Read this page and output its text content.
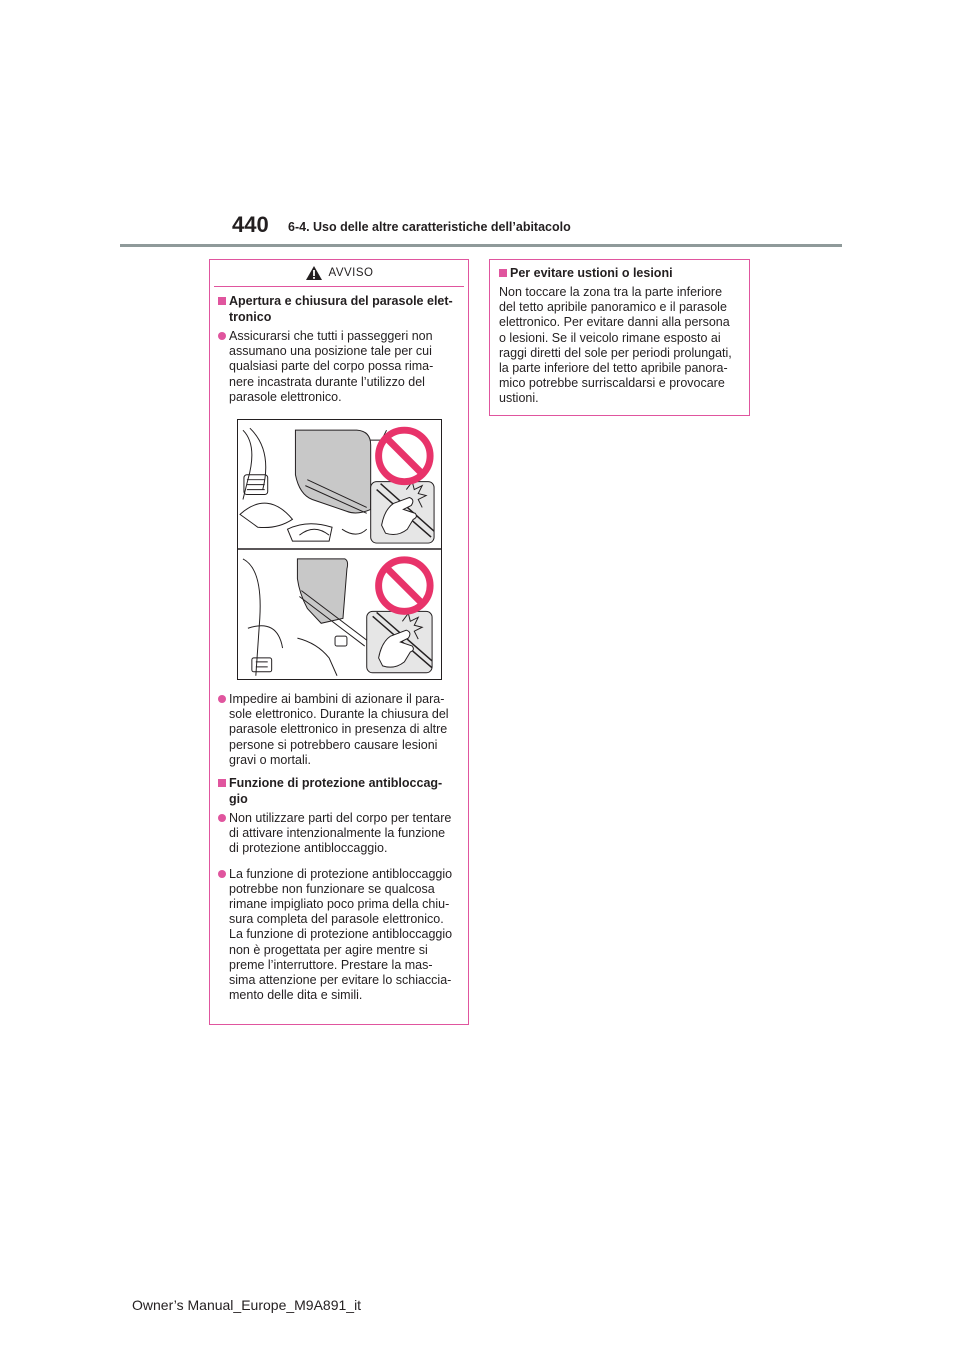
440 6-4. Uso delle altre caratteristiche dell’abitacolo
AVVISO
Apertura e chiusura del parasole elet-
tronico
Assicurarsi che tutti i passeggeri non
assumano una posizione tale per cui
qualsiasi parte del corpo possa rima-
nere incastrata durante l’utilizzo del
parasole elettronico.
Impedire ai bambini di azionare il para-
sole elettronico. Durante la chiusura del
parasole elettronico in presenza di altre
persone si potrebbero causare lesioni
gravi o mortali.
Funzione di protezione antibloccag-
gio
Non utilizzare parti del corpo per tentare
di attivare intenzionalmente la funzione
di protezione antibloccaggio.
La funzione di protezione antibloccaggio
potrebbe non funzionare se qualcosa
rimane impigliato poco prima della chiu-
sura completa del parasole elettronico.
La funzione di protezione antibloccaggio
non è progettata per agire mentre si
preme l’interruttore. Prestare la mas-
sima attenzione per evitare lo schiaccia-
mento delle dita e simili.
Per evitare ustioni o lesioni

Non toccare la zona tra la parte inferiore
del tetto apribile panoramico e il parasole
elettronico. Per evitare danni alla persona
o lesioni. Se il veicolo rimane esposto ai
raggi diretti del sole per periodi prolungati,
la parte inferiore del tetto apribile panora-
mico potrebbe surriscaldarsi e provocare
ustioni.

Owner’s Manual_Europe_M9A891_it
